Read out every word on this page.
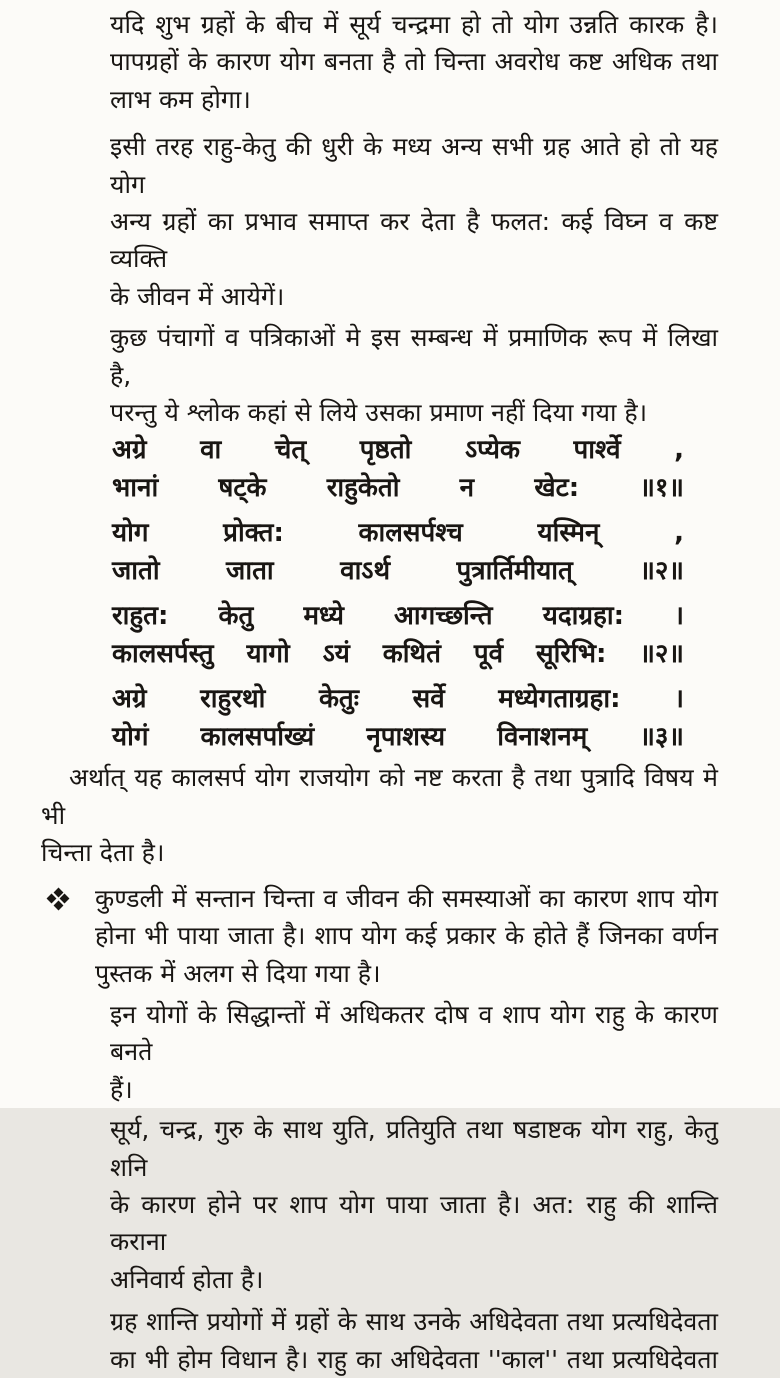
यदि शुभ ग्रहों के बीच में सूर्य चन्द्रमा हो तो योग उन्नति कारक है।
पापग्रहों के कारण योग बनता है तो चिन्ता अवरोध कष्ट अधिक तथा
लाभ कम होगा।
इसी तरह राहु-केतु की धुरी के मध्य अन्य सभी ग्रह आते हो तो यह योग
अन्य ग्रहों का प्रभाव समाप्त कर देता है फलत: कई विघ्न व कष्ट व्यक्ति
के जीवन में आयेगें।
कुछ पंचागों व पत्रिकाओं मे इस सम्बन्ध में प्रमाणिक रूप में लिखा है,
परन्तु ये श्लोक कहां से लिये उसका प्रमाण नहीं दिया गया है।
अग्रे वा चेत् पृष्ठतो ऽप्येक पार्श्वे ,
भानां षट्के राहुकेतो न खेट: ॥१॥
योग प्रोक्त: कालसर्पश्च यस्मिन् ,
जातो जाता वाऽर्थ पुत्रार्तिमीयात् ॥२॥
राहुत: केतु मध्ये आगच्छन्ति यदाग्रहा: ।
कालसर्पस्तु यागो ऽयं कथितं पूर्व सूरिभि: ॥२॥
अग्रे राहुरथो केतुः सर्वे मध्येगताग्रहा: ।
योगं कालसर्पाख्यं नृपाशस्य विनाशनम् ॥३॥
अर्थात् यह कालसर्प योग राजयोग को नष्ट करता है तथा पुत्रादि विषय मे भी
चिन्ता देता है।
कुण्डली में सन्तान चिन्ता व जीवन की समस्याओं का कारण शाप योग
होना भी पाया जाता है। शाप योग कई प्रकार के होते हैं जिनका वर्णन
पुस्तक में अलग से दिया गया है।
इन योगों के सिद्धान्तों में अधिकतर दोष व शाप योग राहु के कारण बनते
हैं।
सूर्य, चन्द्र, गुरु के साथ युति, प्रतियुति तथा षडाष्टक योग राहु, केतु शनि
के कारण होने पर शाप योग पाया जाता है। अत: राहु की शान्ति कराना
अनिवार्य होता है।
ग्रह शान्ति प्रयोगों में ग्रहों के साथ उनके अधिदेवता तथा प्रत्यधिदेवता
का भी होम विधान है। राहु का अधिदेवता ''काल'' तथा प्रत्यधिदेवता
